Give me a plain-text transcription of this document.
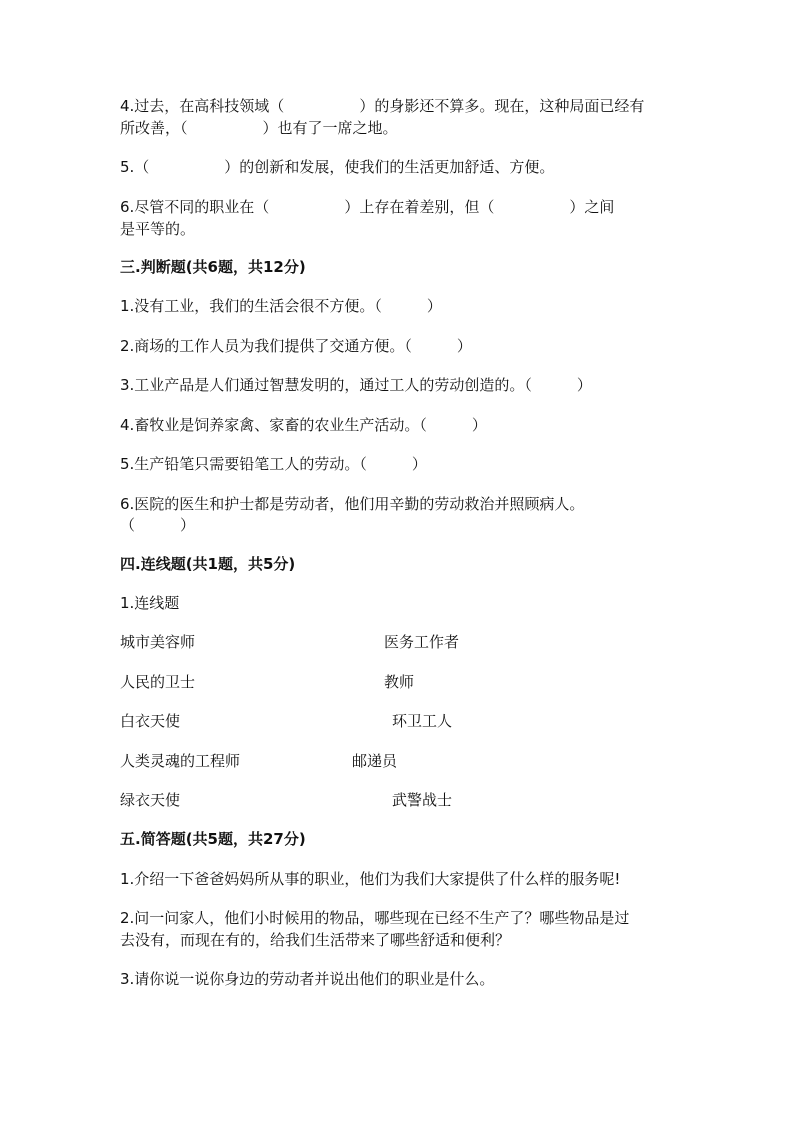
4.过去，在高科技领域（　　　　　）的身影还不算多。现在，这种局面已经有
所改善，（　　　　　）也有了一席之地。
5.（　　　　　）的创新和发展，使我们的生活更加舒适、方便。
6.尽管不同的职业在（　　　　　）上存在着差别，但（　　　　　）之间
是平等的。
三.判断题(共6题，共12分)
1.没有工业，我们的生活会很不方便。（　　　）
2.商场的工作人员为我们提供了交通方便。（　　　）
3.工业产品是人们通过智慧发明的，通过工人的劳动创造的。（　　　）
4.畜牧业是饲养家禽、家畜的农业生产活动。（　　　）
5.生产铅笔只需要铅笔工人的劳动。（　　　）
6.医院的医生和护士都是劳动者，他们用辛勤的劳动救治并照顾病人。
（　　　）
四.连线题(共1题，共5分)
1.连线题
城市美容师	医务工作者
人民的卫士	教师
白衣天使	环卫工人
人类灵魂的工程师	邮递员
绿衣天使	武警战士
五.简答题(共5题，共27分)
1.介绍一下爸爸妈妈所从事的职业，他们为我们大家提供了什么样的服务呢!
2.问一问家人，他们小时候用的物品，哪些现在已经不生产了？哪些物品是过
去没有，而现在有的，给我们生活带来了哪些舒适和便利？
3.请你说一说你身边的劳动者并说出他们的职业是什么。
